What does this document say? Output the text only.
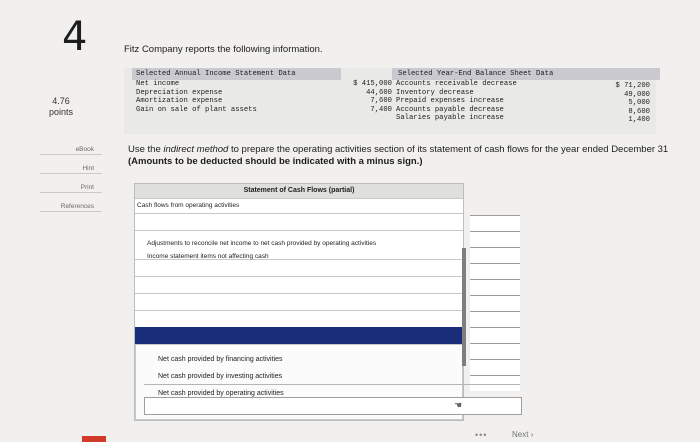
4
4.76
points
eBook
Hint
Print
References
Fitz Company reports the following information.
Selected Annual Income Statement Data	Selected Year-End Balance Sheet Data
Net income
Depreciation expense
Amortization expense
Gain on sale of plant assets
$ 415,000
44,600
7,600
7,400
Accounts receivable decrease
Inventory decrease
Prepaid expenses increase
Accounts payable decrease
Salaries payable increase
$ 71,200
49,000
5,000
8,600
1,400
Use the indirect method to prepare the operating activities section of its statement of cash flows for the year ended December 31
(Amounts to be deducted should be indicated with a minus sign.)
Statement of Cash Flows (partial)
Cash flows from operating activities
Adjustments to reconcile net income to net cash provided by operating activities
Income statement items not affecting cash
Net cash provided by financing activities
Net cash provided by investing activities
Net cash provided by operating activities
☚
•••	Next ›
